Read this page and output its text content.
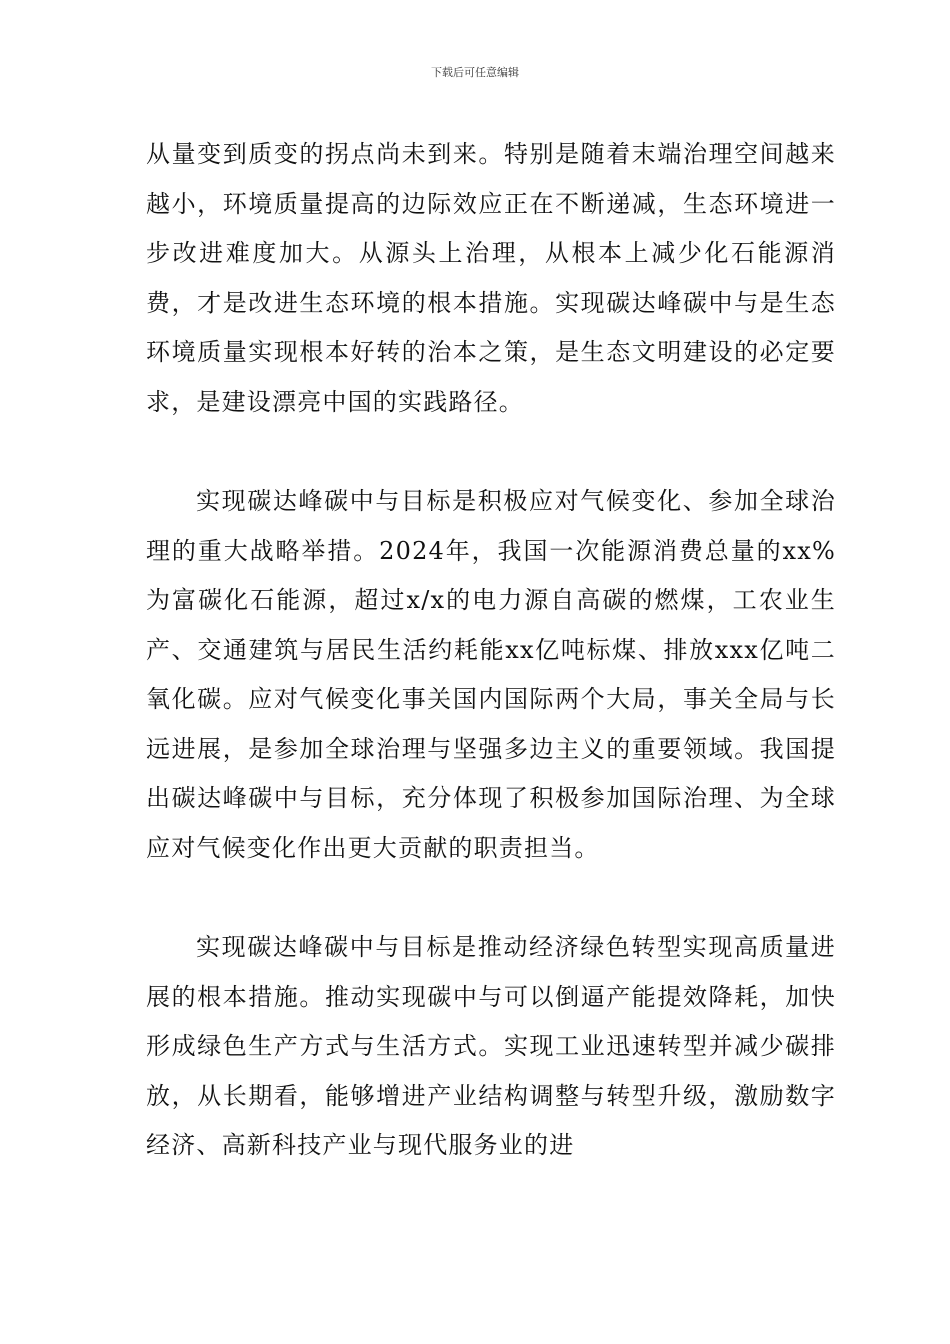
下载后可任意编辑

从量变到质变的拐点尚未到来。特别是随着末端治理空间越来越小，环境质量提高的边际效应正在不断递减，生态环境进一步改进难度加大。从源头上治理，从根本上减少化石能源消费，才是改进生态环境的根本措施。实现碳达峰碳中与是生态环境质量实现根本好转的治本之策，是生态文明建设的必定要求，是建设漂亮中国的实践路径。

实现碳达峰碳中与目标是积极应对气候变化、参加全球治理的重大战略举措。2024年，我国一次能源消费总量的xx%为富碳化石能源，超过x/x的电力源自高碳的燃煤，工农业生产、交通建筑与居民生活约耗能xx亿吨标煤、排放xxx亿吨二氧化碳。应对气候变化事关国内国际两个大局，事关全局与长远进展，是参加全球治理与坚强多边主义的重要领域。我国提出碳达峰碳中与目标，充分体现了积极参加国际治理、为全球应对气候变化作出更大贡献的职责担当。

实现碳达峰碳中与目标是推动经济绿色转型实现高质量进展的根本措施。推动实现碳中与可以倒逼产能提效降耗，加快形成绿色生产方式与生活方式。实现工业迅速转型并减少碳排放，从长期看，能够增进产业结构调整与转型升级，激励数字经济、高新科技产业与现代服务业的进
